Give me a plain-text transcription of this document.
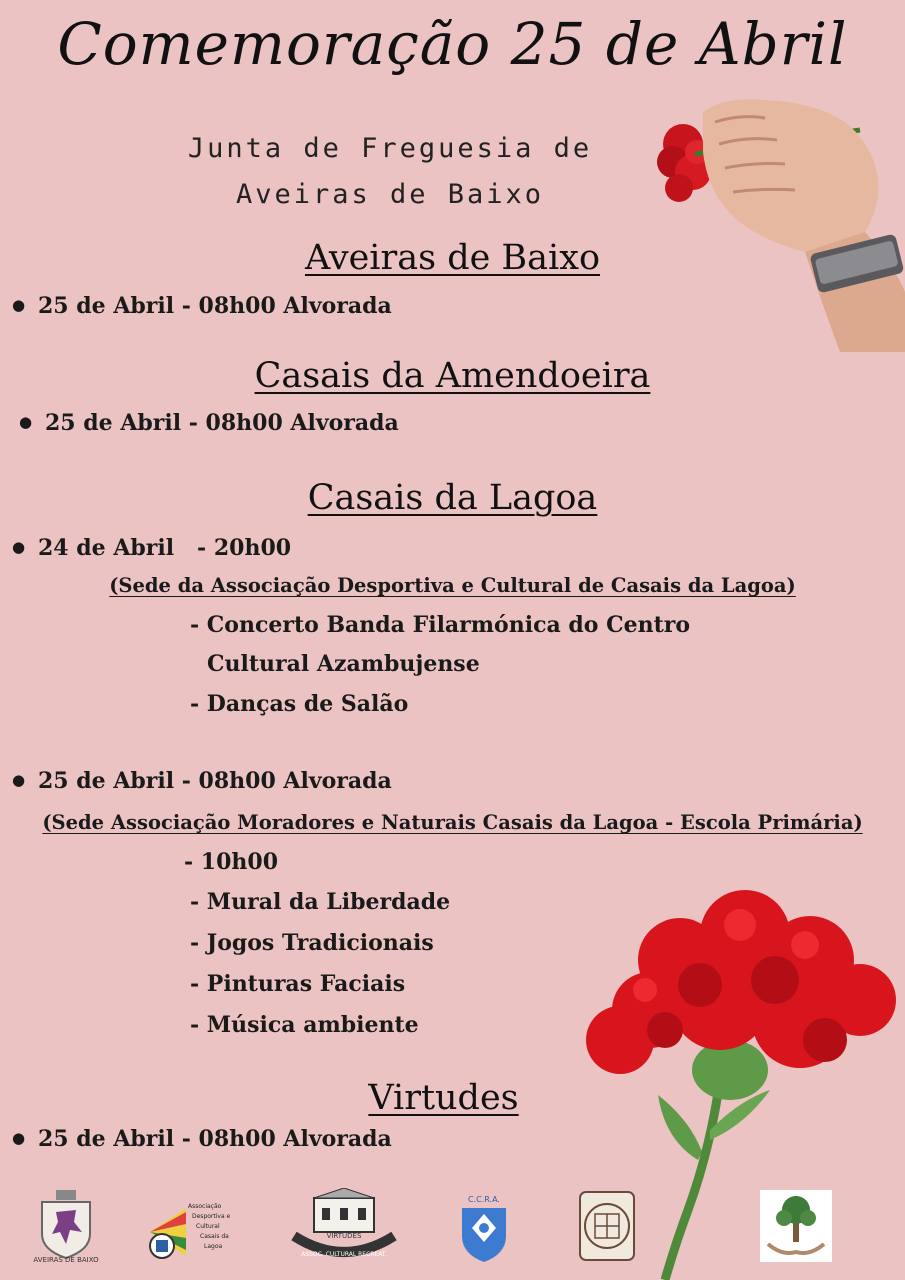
Comemoração 25 de Abril
Junta de Freguesia de
Aveiras de Baixo
Aveiras de Baixo
● 25 de Abril - 08h00 Alvorada
Casais da Amendoeira
● 25 de Abril - 08h00 Alvorada
Casais da Lagoa
● 24 de Abril   - 20h00
(Sede da Associação Desportiva e Cultural de Casais da Lagoa)
- Concerto Banda Filarmónica do Centro
Cultural Azambujense
- Danças de Salão
● 25 de Abril - 08h00 Alvorada
(Sede Associação Moradores e Naturais Casais da Lagoa - Escola Primária)
- 10h00
- Mural da Liberdade
- Jogos Tradicionais
- Pinturas Faciais
- Música ambiente
Virtudes
● 25 de Abril - 08h00 Alvorada
AVEIRAS DE BAIXO
Associação
Desportiva e
Cultural
Casais da
Lagoa
VIRTUDES
ASSOC. CULTURAL RECREAT.
C.C.R.A.
